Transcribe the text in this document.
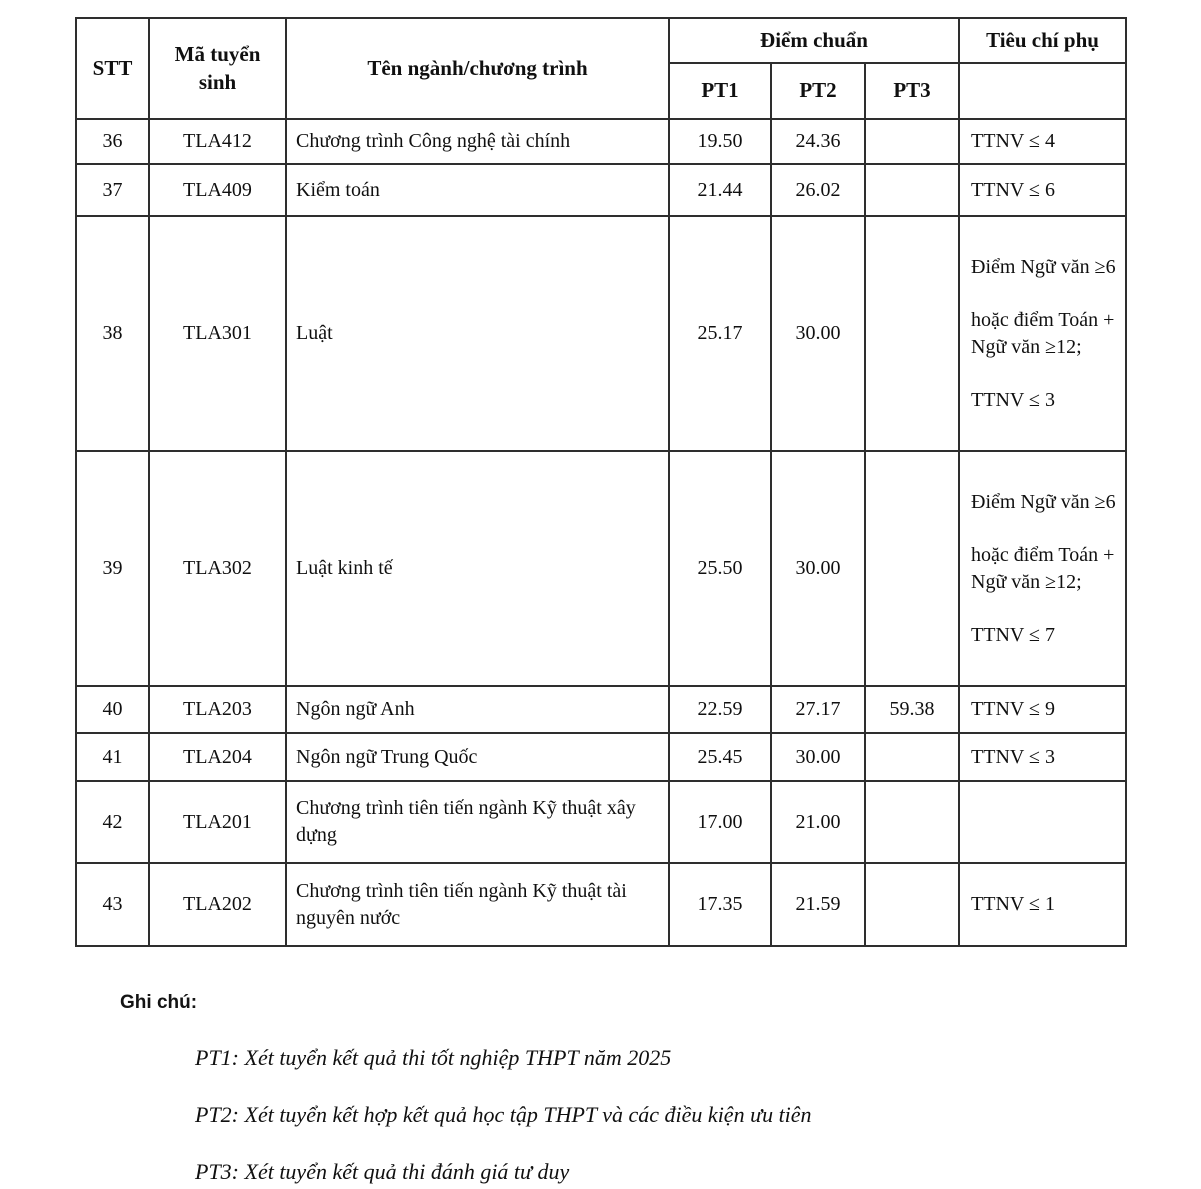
STT	Mã tuyển sinh	Tên ngành/chương trình	Điểm chuẩn			Tiêu chí phụ
			PT1	PT2	PT3	
36	TLA412	Chương trình Công nghệ tài chính	19.50	24.36		TTNV ≤ 4

37	TLA409	Kiểm toán	21.44	26.02		TTNV ≤ 6

38	TLA301	Luật	25.17	30.00		Điểm Ngữ văn ≥6

hoặc điểm Toán + Ngữ văn ≥12;

TTNV ≤ 3

39	TLA302	Luật kinh tế	25.50	30.00		Điểm Ngữ văn ≥6

hoặc điểm Toán + Ngữ văn ≥12;

TTNV ≤ 7

40	TLA203	Ngôn ngữ Anh	22.59	27.17	59.38	TTNV ≤ 9

41	TLA204	Ngôn ngữ Trung Quốc	25.45	30.00		TTNV ≤ 3

42	TLA201	Chương trình tiên tiến ngành Kỹ thuật xây dựng	17.00	21.00		
43	TLA202	Chương trình tiên tiến ngành Kỹ thuật tài nguyên nước	17.35	21.59		TTNV ≤ 1

Ghi chú:
PT1: Xét tuyển kết quả thi tốt nghiệp THPT năm 2025
PT2: Xét tuyển kết hợp kết quả học tập THPT và các điều kiện ưu tiên
PT3: Xét tuyển kết quả thi đánh giá tư duy
